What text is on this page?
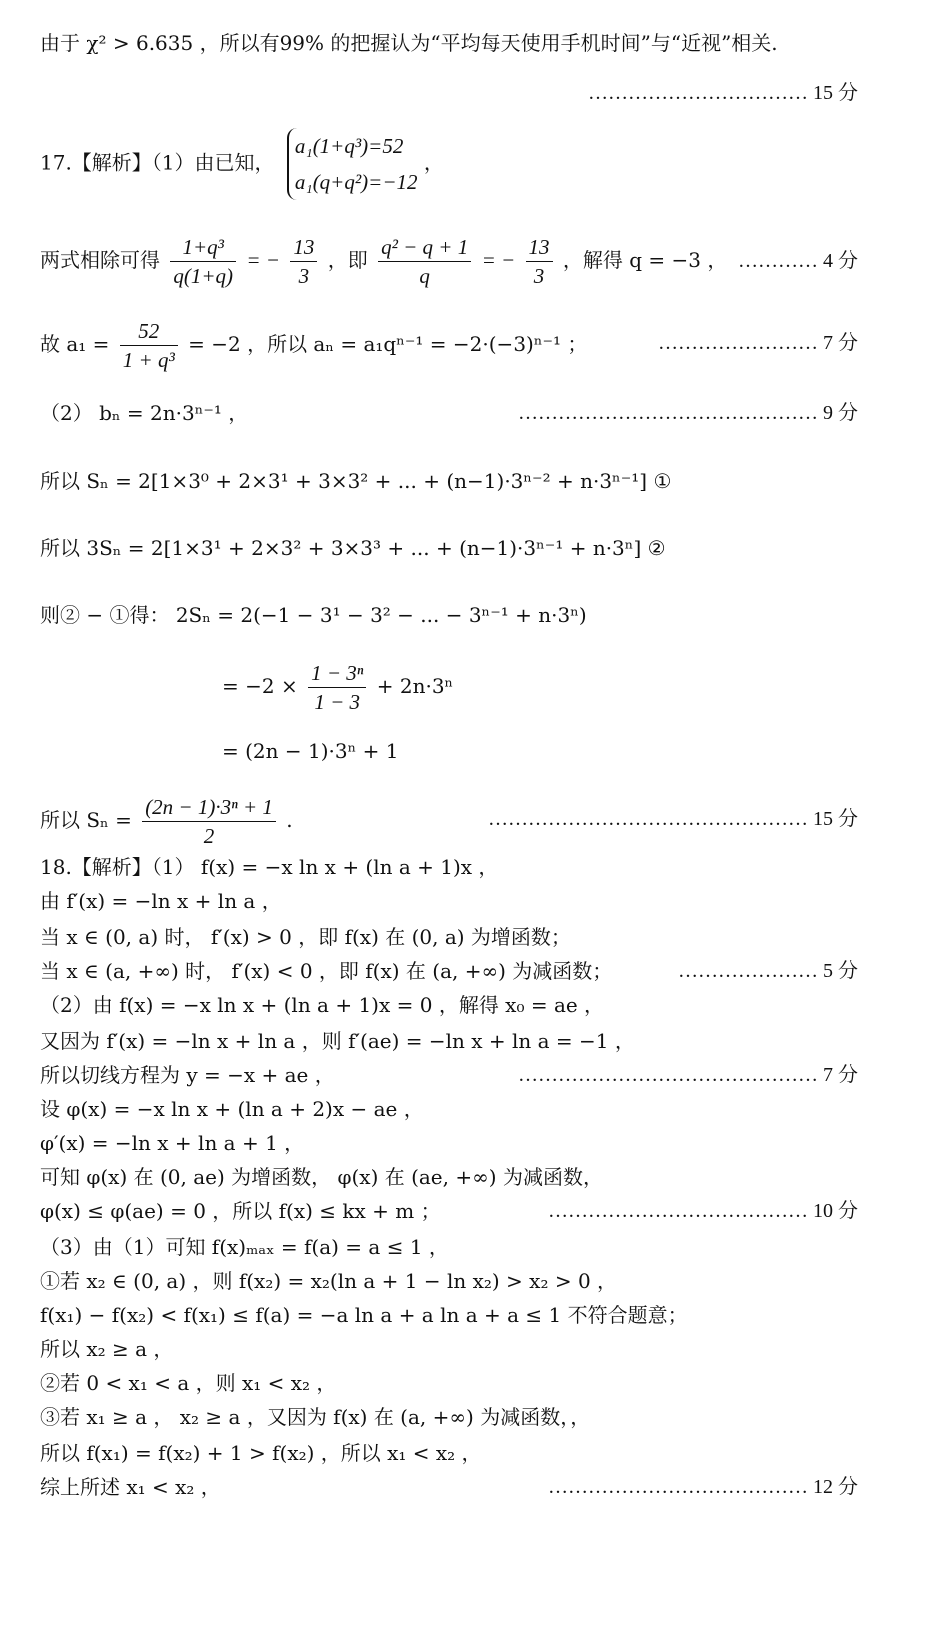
由于 χ² > 6.635 ，所以有99% 的把握认为“平均每天使用手机时间”与“近视”相关.
…………………………… 15 分
17.【解析】（1）由已知，
a₁(1+q³)=52
a₁(q+q²)=−12
，
两式相除可得 $\frac{\text{1+q³}}{q(1+q)}$ = − $\frac{13}{3}$ ，即 $\frac{\text{q² − q + 1}}{q}$ = − $\frac{13}{3}$ ，解得 q = −3 ， ………… 4 分
故 $a_1 = \frac{52}{\text{1 + q³}} = -2$ ，所以 aₙ = a₁qⁿ⁻¹ = −2·(−3)ⁿ⁻¹ ；	…………………… 7 分
（2） bₙ = 2n·3ⁿ⁻¹ ，	……………………………………… 9 分
所以 Sₙ = 2[1×3⁰ + 2×3¹ + 3×3² + ... + (n−1)·3ⁿ⁻² + n·3ⁿ⁻¹] ①
所以 3Sₙ = 2[1×3¹ + 2×3² + 3×3³ + ... + (n−1)·3ⁿ⁻¹ + n·3ⁿ] ②
则② − ①得： 2Sₙ = 2(−1 − 3¹ − 3² − ... − 3ⁿ⁻¹ + n·3ⁿ)
= $-2 \times \frac{\text{1 − 3ⁿ}}{1 - 3} + 2n\cdot 3^n$
= (2n − 1)·3ⁿ + 1
所以 $S_n = \frac{\text{(2n − 1)·3ⁿ + 1}}{2}$ .	………………………………………… 15 分
18.【解析】（1） f(x) = −x ln x + (ln a + 1)x ，
由 f′(x) = −ln x + ln a ，
当 x ∈ (0, a) 时， f′(x) > 0 ，即 f(x) 在 (0, a) 为增函数；
当 x ∈ (a, +∞) 时， f′(x) < 0 ，即 f(x) 在 (a, +∞) 为减函数；	………………… 5 分
（2）由 f(x) = −x ln x + (ln a + 1)x = 0 ，解得 x₀ = ae ，
又因为 f′(x) = −ln x + ln a ，则 f′(ae) = −ln x + ln a = −1 ，
所以切线方程为 y = −x + ae ，	……………………………………… 7 分
设 φ(x) = −x ln x + (ln a + 2)x − ae ，
φ′(x) = −ln x + ln a + 1 ，
可知 φ(x) 在 (0, ae) 为增函数， φ(x) 在 (ae, +∞) 为减函数，
φ(x) ≤ φ(ae) = 0 ，所以 f(x) ≤ kx + m ；	………………………………… 10 分
（3）由（1）可知 f(x)ₘₐₓ = f(a) = a ≤ 1 ，
①若 x₂ ∈ (0, a) ，则 f(x₂) = x₂(ln a + 1 − ln x₂) > x₂ > 0 ，
f(x₁) − f(x₂) < f(x₁) ≤ f(a) = −a ln a + a ln a + a ≤ 1 不符合题意；
所以 x₂ ≥ a ，
②若 0 < x₁ < a ，则 x₁ < x₂ ，
③若 x₁ ≥ a ， x₂ ≥ a ，又因为 f(x) 在 (a, +∞) 为减函数，，
所以 f(x₁) = f(x₂) + 1 > f(x₂) ，所以 x₁ < x₂ ，
综上所述 x₁ < x₂ ，	………………………………… 12 分
